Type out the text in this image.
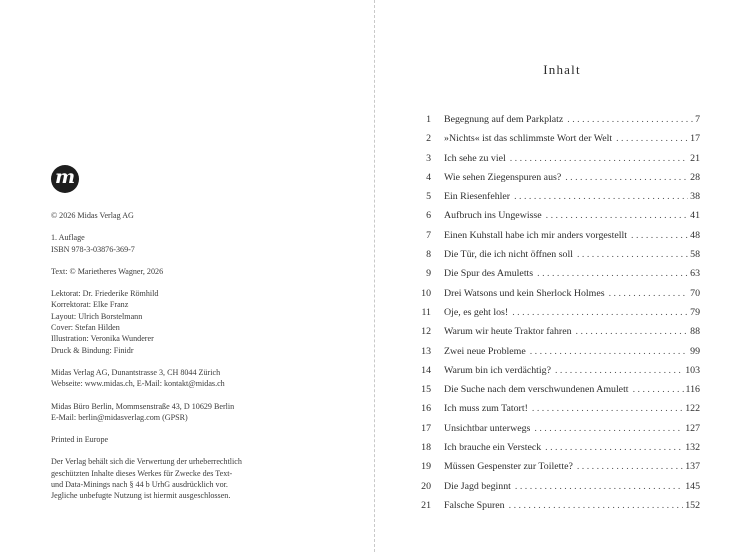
m
© 2026 Midas Verlag AG
1. Auflage
ISBN 978-3-03876-369-7
Text: © Marietheres Wagner, 2026
Lektorat: Dr. Friederike Römhild
Korrektorat: Elke Franz
Layout: Ulrich Borstelmann
Cover: Stefan Hilden
Illustration: Veronika Wunderer
Druck & Bindung: Finidr
Midas Verlag AG, Dunantstrasse 3, CH 8044 Zürich
Webseite: www.midas.ch, E-Mail: kontakt@midas.ch
Midas Büro Berlin, Mommsenstraße 43, D 10629 Berlin
E-Mail: berlin@midasverlag.com (GPSR)
Printed in Europe
Der Verlag behält sich die Verwertung der urheberrechtlich
geschützten Inhalte dieses Werkes für Zwecke des Text-
und Data-Minings nach § 44 b UrhG ausdrücklich vor.
Jegliche unbefugte Nutzung ist hiermit ausgeschlossen.
Inhalt
1 Begegnung auf dem Parkplatz . . .	7
2 »Nichts« ist das schlimmste Wort der Welt . . .	17
3 Ich sehe zu viel . . .	21
4 Wie sehen Ziegenspuren aus? . . .	28
5 Ein Riesenfehler . . .	38
6 Aufbruch ins Ungewisse . . .	41
7 Einen Kuhstall habe ich mir anders vorgestellt . . .	48
8 Die Tür, die ich nicht öffnen soll . . .	58
9 Die Spur des Amuletts . . .	63
10 Drei Watsons und kein Sherlock Holmes . . .	70
11 Oje, es geht los! . . .	79
12 Warum wir heute Traktor fahren . . .	88
13 Zwei neue Probleme . . .	99
14 Warum bin ich verdächtig? . . .	103
15 Die Suche nach dem verschwundenen Amulett . . .	116
16 Ich muss zum Tatort! . . .	122
17 Unsichtbar unterwegs . . .	127
18 Ich brauche ein Versteck . . .	132
19 Müssen Gespenster zur Toilette? . . .	137
20 Die Jagd beginnt . . .	145
21 Falsche Spuren . . .	152
